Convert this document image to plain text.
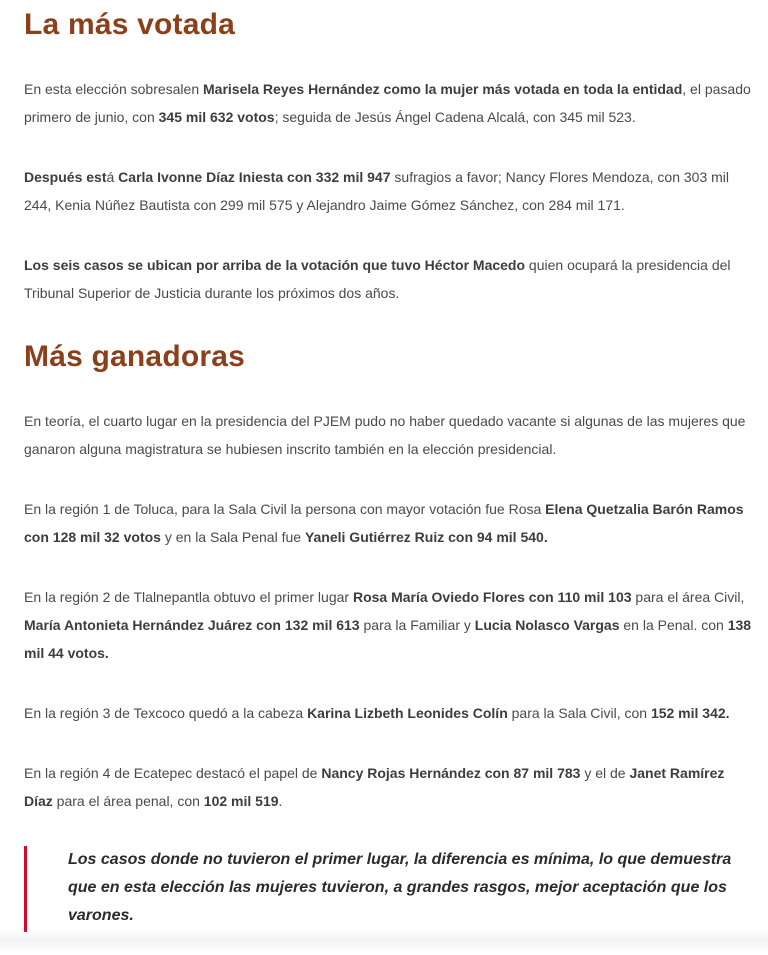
La más votada

En esta elección sobresalen Marisela Reyes Hernández como la mujer más votada en toda la entidad, el pasado primero de junio, con 345 mil 632 votos; seguida de Jesús Ángel Cadena Alcalá, con 345 mil 523.

Después está Carla Ivonne Díaz Iniesta con 332 mil 947 sufragios a favor; Nancy Flores Mendoza, con 303 mil 244, Kenia Núñez Bautista con 299 mil 575 y Alejandro Jaime Gómez Sánchez, con 284 mil 171.

Los seis casos se ubican por arriba de la votación que tuvo Héctor Macedo quien ocupará la presidencia del Tribunal Superior de Justicia durante los próximos dos años.

Más ganadoras

En teoría, el cuarto lugar en la presidencia del PJEM pudo no haber quedado vacante si algunas de las mujeres que ganaron alguna magistratura se hubiesen inscrito también en la elección presidencial.

En la región 1 de Toluca, para la Sala Civil la persona con mayor votación fue Rosa Elena Quetzalia Barón Ramos con 128 mil 32 votos y en la Sala Penal fue Yaneli Gutiérrez Ruiz con 94 mil 540.

En la región 2 de Tlalnepantla obtuvo el primer lugar Rosa María Oviedo Flores con 110 mil 103 para el área Civil, María Antonieta Hernández Juárez con 132 mil 613 para la Familiar y Lucia Nolasco Vargas en la Penal. con 138 mil 44 votos.

En la región 3 de Texcoco quedó a la cabeza Karina Lizbeth Leonides Colín para la Sala Civil, con 152 mil 342.

En la región 4 de Ecatepec destacó el papel de Nancy Rojas Hernández con 87 mil 783 y el de Janet Ramírez Díaz para el área penal, con 102 mil 519.

Los casos donde no tuvieron el primer lugar, la diferencia es mínima, lo que demuestra que en esta elección las mujeres tuvieron, a grandes rasgos, mejor aceptación que los varones.
